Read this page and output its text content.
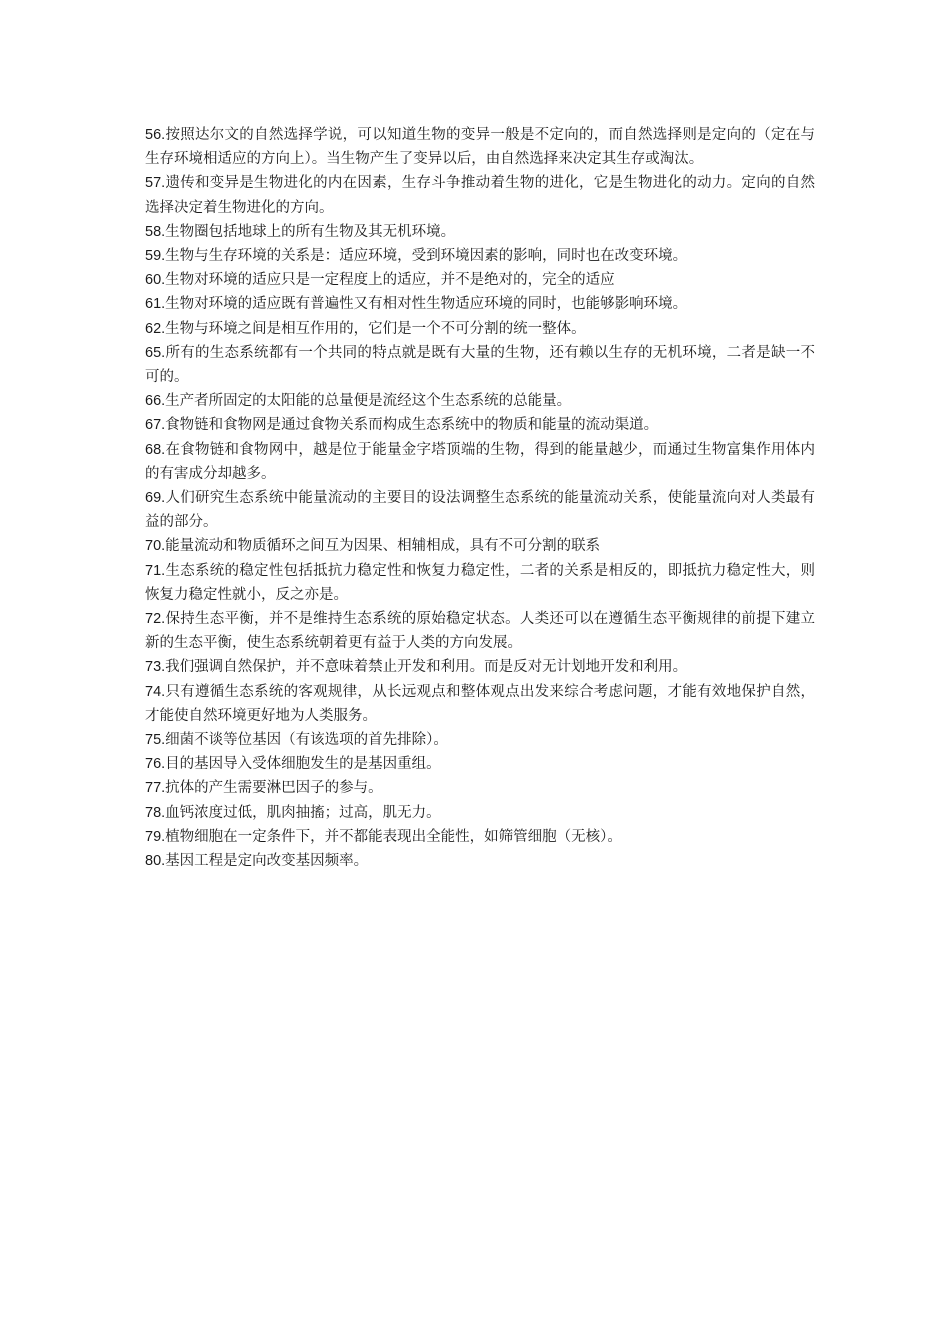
56.按照达尔文的自然选择学说，可以知道生物的变异一般是不定向的，而自然选择则是定向的（定在与生存环境相适应的方向上）。当生物产生了变异以后，由自然选择来决定其生存或淘汰。

57.遗传和变异是生物进化的内在因素，生存斗争推动着生物的进化，它是生物进化的动力。定向的自然选择决定着生物进化的方向。

58.生物圈包括地球上的所有生物及其无机环境。

59.生物与生存环境的关系是：适应环境，受到环境因素的影响，同时也在改变环境。

60.生物对环境的适应只是一定程度上的适应，并不是绝对的，完全的适应

61.生物对环境的适应既有普遍性又有相对性生物适应环境的同时，也能够影响环境。

62.生物与环境之间是相互作用的，它们是一个不可分割的统一整体。

65.所有的生态系统都有一个共同的特点就是既有大量的生物，还有赖以生存的无机环境，二者是缺一不可的。

66.生产者所固定的太阳能的总量便是流经这个生态系统的总能量。

67.食物链和食物网是通过食物关系而构成生态系统中的物质和能量的流动渠道。

68.在食物链和食物网中，越是位于能量金字塔顶端的生物，得到的能量越少，而通过生物富集作用体内的有害成分却越多。

69.人们研究生态系统中能量流动的主要目的设法调整生态系统的能量流动关系，使能量流向对人类最有益的部分。

70.能量流动和物质循环之间互为因果、相辅相成，具有不可分割的联系

71.生态系统的稳定性包括抵抗力稳定性和恢复力稳定性，二者的关系是相反的，即抵抗力稳定性大，则恢复力稳定性就小，反之亦是。

72.保持生态平衡，并不是维持生态系统的原始稳定状态。人类还可以在遵循生态平衡规律的前提下建立新的生态平衡，使生态系统朝着更有益于人类的方向发展。

73.我们强调自然保护，并不意味着禁止开发和利用。而是反对无计划地开发和利用。

74.只有遵循生态系统的客观规律，从长远观点和整体观点出发来综合考虑问题，才能有效地保护自然，才能使自然环境更好地为人类服务。

75.细菌不谈等位基因（有该选项的首先排除）。

76.目的基因导入受体细胞发生的是基因重组。

77.抗体的产生需要淋巴因子的参与。

78.血钙浓度过低，肌肉抽搐；过高，肌无力。

79.植物细胞在一定条件下，并不都能表现出全能性，如筛管细胞（无核）。

80.基因工程是定向改变基因频率。
